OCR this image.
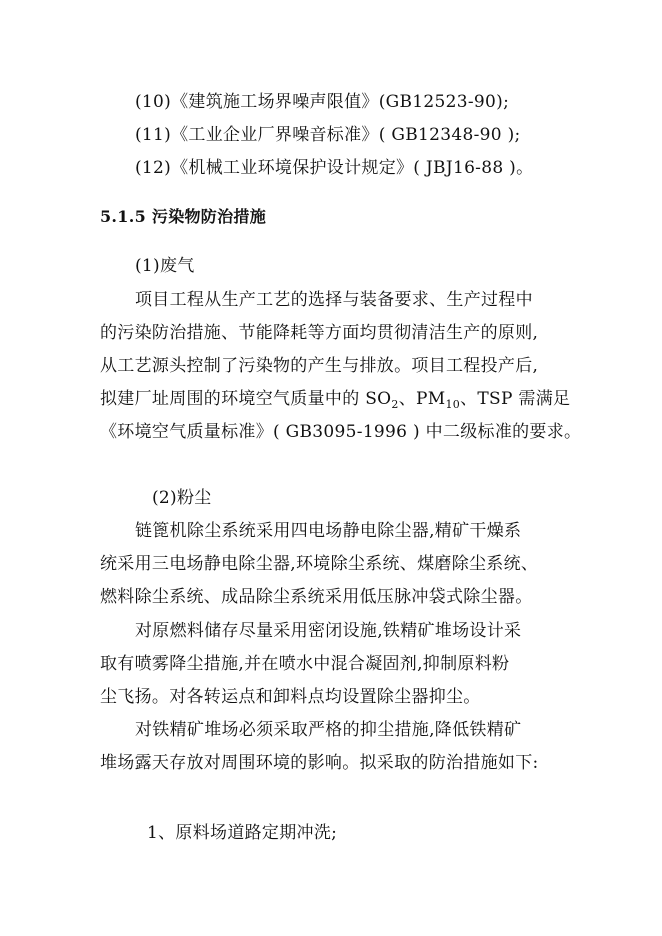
(10)《建筑施工场界噪声限值》(GB12523-90);
(11)《工业企业厂界噪音标准》( GB12348-90 );
(12)《机械工业环境保护设计规定》( JBJ16-88 )。
5.1.5 污染物防治措施
(1)废气
项目工程从生产工艺的选择与装备要求、生产过程中
的污染防治措施、节能降耗等方面均贯彻清洁生产的原则,
从工艺源头控制了污染物的产生与排放。项目工程投产后,
拟建厂址周围的环境空气质量中的 $SO_2$、$PM_{10}$、TSP 需满足
《环境空气质量标准》( GB3095-1996 ) 中二级标准的要求。
(2)粉尘
链篦机除尘系统采用四电场静电除尘器,精矿干燥系
统采用三电场静电除尘器,环境除尘系统、煤磨除尘系统、
燃料除尘系统、成品除尘系统采用低压脉冲袋式除尘器。
对原燃料储存尽量采用密闭设施,铁精矿堆场设计采
取有喷雾降尘措施,并在喷水中混合凝固剂,抑制原料粉
尘飞扬。对各转运点和卸料点均设置除尘器抑尘。
对铁精矿堆场必须采取严格的抑尘措施,降低铁精矿
堆场露天存放对周围环境的影响。拟采取的防治措施如下:
1、原料场道路定期冲洗;
